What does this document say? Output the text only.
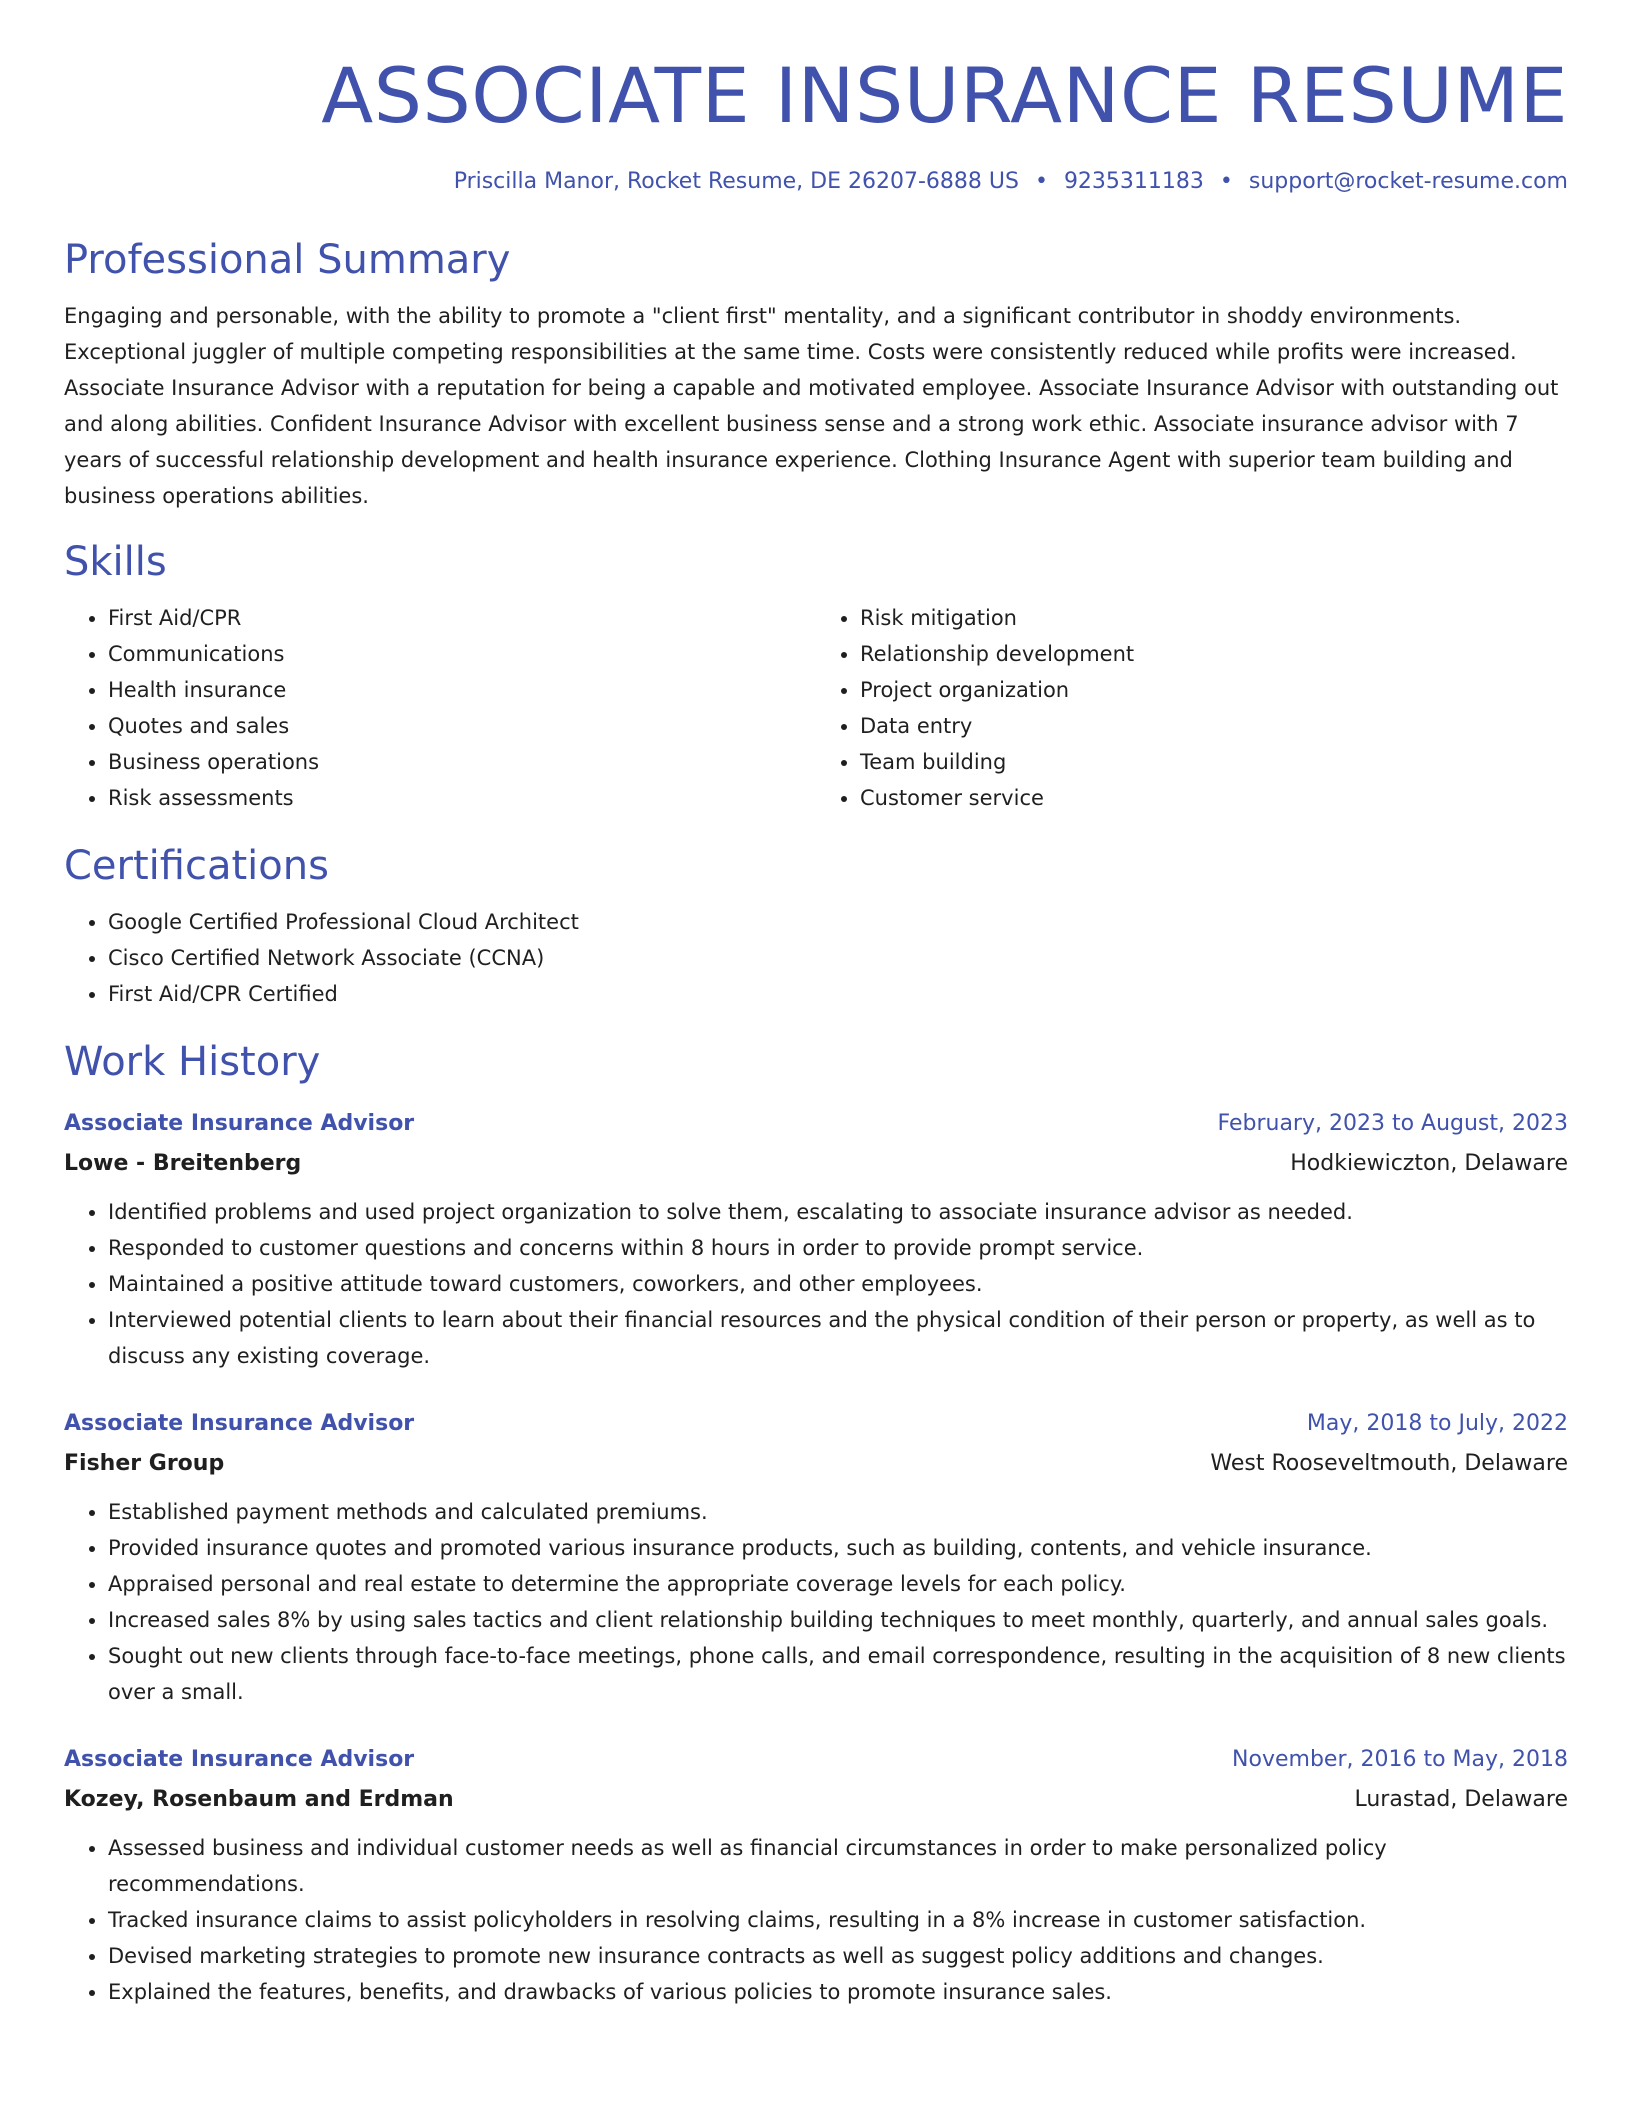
ASSOCIATE INSURANCE RESUME
Priscilla Manor, Rocket Resume, DE 26207-6888 US • 9235311183 • support@rocket-resume.com
Professional Summary

Engaging and personable, with the ability to promote a "client first" mentality, and a significant contributor in shoddy environments. Exceptional juggler of multiple competing responsibilities at the same time. Costs were consistently reduced while profits were increased. Associate Insurance Advisor with a reputation for being a capable and motivated employee. Associate Insurance Advisor with outstanding out and along abilities. Confident Insurance Advisor with excellent business sense and a strong work ethic. Associate insurance advisor with 7 years of successful relationship development and health insurance experience. Clothing Insurance Agent with superior team building and business operations abilities.

Skills
• First Aid/CPR
• Communications
• Health insurance
• Quotes and sales
• Business operations
• Risk assessments
• Risk mitigation
• Relationship development
• Project organization
• Data entry
• Team building
• Customer service
Certifications
• Google Certified Professional Cloud Architect
• Cisco Certified Network Associate (CCNA)
• First Aid/CPR Certified
Work History
Associate Insurance Advisor	February, 2023 to August, 2023
Lowe - Breitenberg	Hodkiewiczton, Delaware
• Identified problems and used project organization to solve them, escalating to associate insurance advisor as needed.
• Responded to customer questions and concerns within 8 hours in order to provide prompt service.
• Maintained a positive attitude toward customers, coworkers, and other employees.
• Interviewed potential clients to learn about their financial resources and the physical condition of their person or property, as well as to discuss any existing coverage.
Associate Insurance Advisor	May, 2018 to July, 2022
Fisher Group	West Rooseveltmouth, Delaware
• Established payment methods and calculated premiums.
• Provided insurance quotes and promoted various insurance products, such as building, contents, and vehicle insurance.
• Appraised personal and real estate to determine the appropriate coverage levels for each policy.
• Increased sales 8% by using sales tactics and client relationship building techniques to meet monthly, quarterly, and annual sales goals.
• Sought out new clients through face-to-face meetings, phone calls, and email correspondence, resulting in the acquisition of 8 new clients over a small.
Associate Insurance Advisor	November, 2016 to May, 2018
Kozey, Rosenbaum and Erdman	Lurastad, Delaware
• Assessed business and individual customer needs as well as financial circumstances in order to make personalized policy recommendations.
• Tracked insurance claims to assist policyholders in resolving claims, resulting in a 8% increase in customer satisfaction.
• Devised marketing strategies to promote new insurance contracts as well as suggest policy additions and changes.
• Explained the features, benefits, and drawbacks of various policies to promote insurance sales.
